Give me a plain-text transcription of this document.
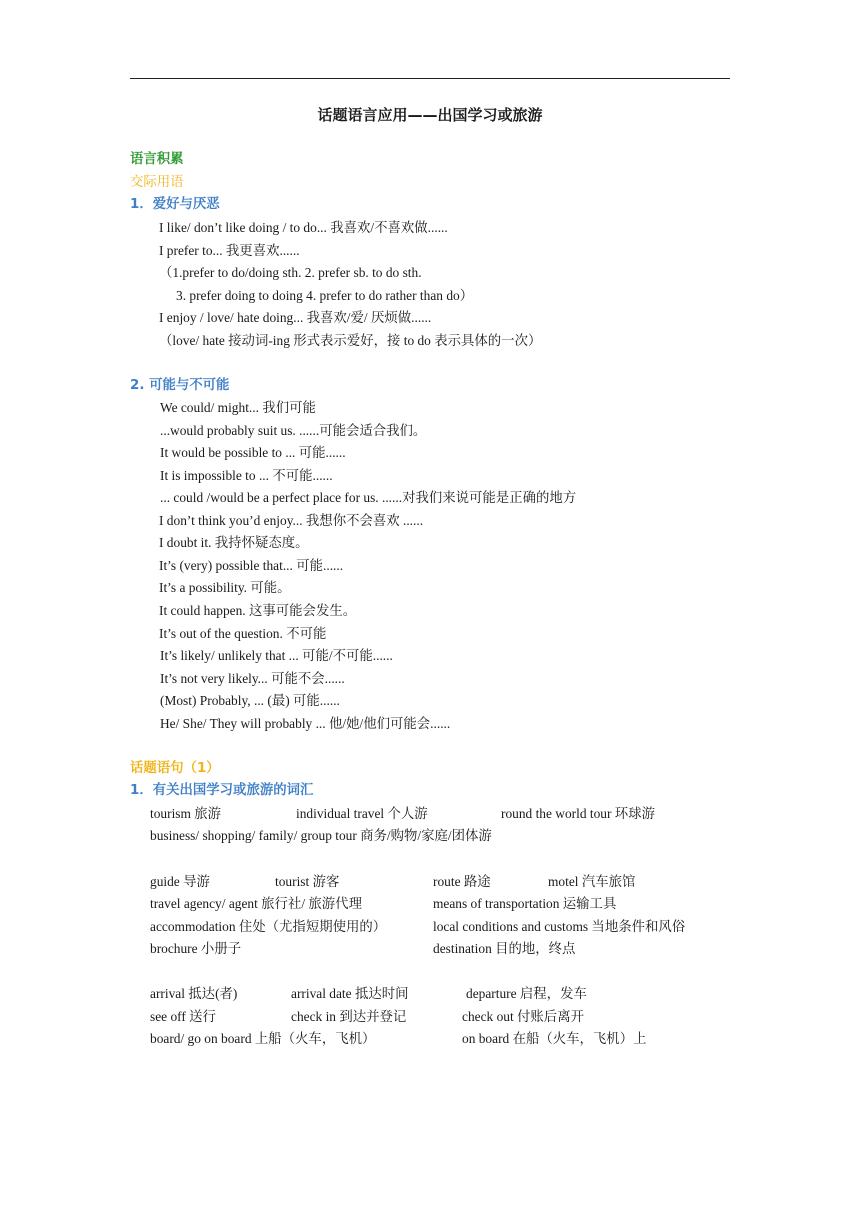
话题语言应用——出国学习或旅游
语言积累
交际用语
1．爱好与厌恶
I like/ don’t like doing / to do... 我喜欢/不喜欢做......
I prefer to... 我更喜欢......
（1.prefer to do/doing sth. 2. prefer sb. to do sth.
3. prefer doing to doing 4. prefer to do rather than do）
I enjoy / love/ hate doing... 我喜欢/爱/ 厌烦做......
（love/ hate 接动词-ing 形式表示爱好，接 to do 表示具体的一次）
2. 可能与不可能
We could/ might... 我们可能
...would probably suit us. ......可能会适合我们。
It would be possible to ... 可能......
It is impossible to ... 不可能......
... could /would be a perfect place for us. ......对我们来说可能是正确的地方
I don’t think you’d enjoy... 我想你不会喜欢 ......
I doubt it. 我持怀疑态度。
It’s (very) possible that... 可能......
It’s a possibility. 可能。
It could happen. 这事可能会发生。
It’s out of the question. 不可能
It’s likely/ unlikely that ... 可能/不可能......
It’s not very likely... 可能不会......
(Most) Probably, ... (最) 可能......
He/ She/ They will probably ... 他/她/他们可能会......
话题语句（1）
1．有关出国学习或旅游的词汇
tourism 旅游	individual travel 个人游	round the world tour 环球游
business/ shopping/ family/ group tour 商务/购物/家庭/团体游
guide 导游	tourist 游客	route 路途	motel 汽车旅馆
travel agency/ agent 旅行社/ 旅游代理	means of transportation 运输工具
accommodation 住处（尤指短期使用的）	local conditions and customs 当地条件和风俗
brochure 小册子	destination 目的地，终点
arrival 抵达(者)	arrival date 抵达时间	departure 启程，发车
see off 送行	check in 到达并登记	check out 付账后离开
board/ go on board 上船（火车，飞机）	on board 在船（火车，飞机）上
